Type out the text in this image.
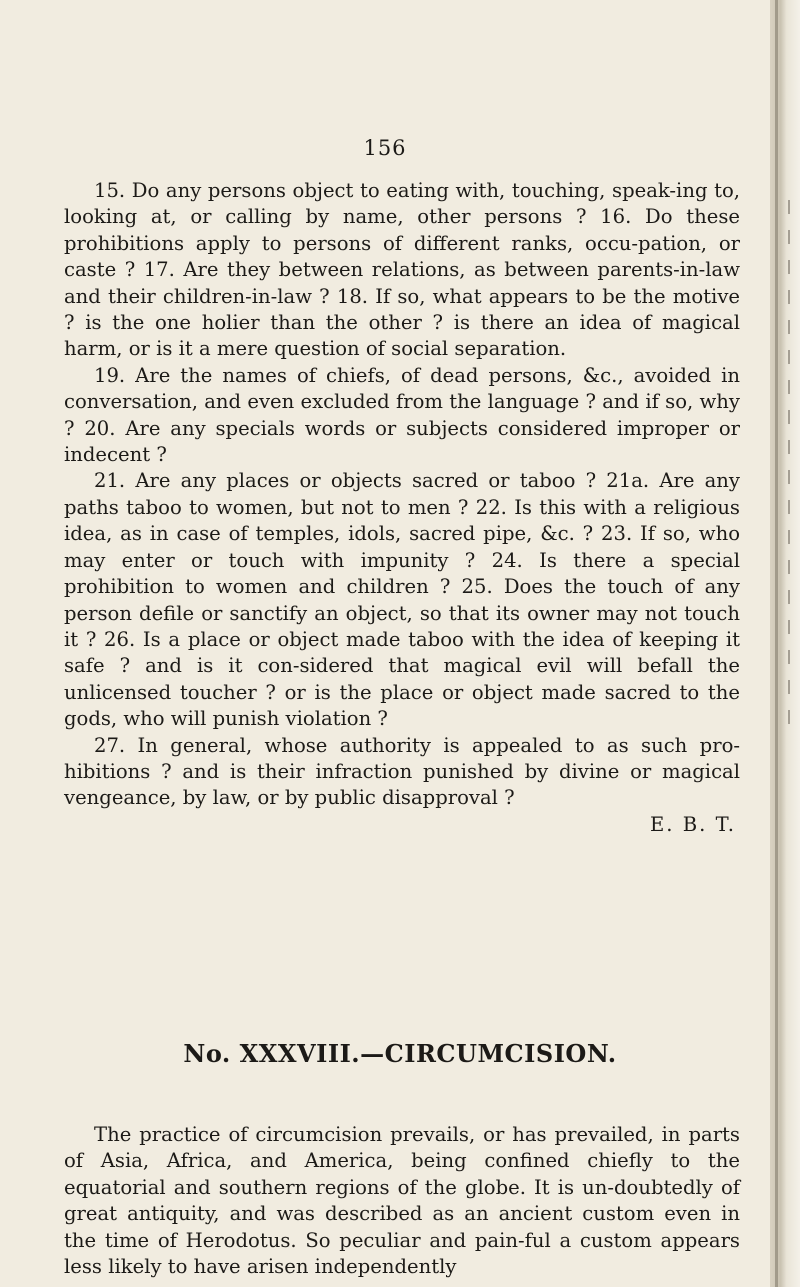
156

15. Do any persons object to eating with, touching, speak-ing to, looking at, or calling by name, other persons ? 16. Do these prohibitions apply to persons of different ranks, occu-pation, or caste ? 17. Are they between relations, as between parents-in-law and their children-in-law ? 18. If so, what appears to be the motive ? is the one holier than the other ? is there an idea of magical harm, or is it a mere question of social separation.

19. Are the names of chiefs, of dead persons, &c., avoided in conversation, and even excluded from the language ? and if so, why ? 20. Are any specials words or subjects considered improper or indecent ?

21. Are any places or objects sacred or taboo ? 21a. Are any paths taboo to women, but not to men ? 22. Is this with a religious idea, as in case of temples, idols, sacred pipe, &c. ? 23. If so, who may enter or touch with impunity ? 24. Is there a special prohibition to women and children ? 25. Does the touch of any person defile or sanctify an object, so that its owner may not touch it ? 26. Is a place or object made taboo with the idea of keeping it safe ? and is it con-sidered that magical evil will befall the unlicensed toucher ? or is the place or object made sacred to the gods, who will punish violation ?

27. In general, whose authority is appealed to as such pro-hibitions ? and is their infraction punished by divine or magical vengeance, by law, or by public disapproval ?

E. B. T.
No. XXXVIII.—CIRCUMCISION.

The practice of circumcision prevails, or has prevailed, in parts of Asia, Africa, and America, being confined chiefly to the equatorial and southern regions of the globe. It is un-doubtedly of great antiquity, and was described as an ancient custom even in the time of Herodotus. So peculiar and pain-ful a custom appears less likely to have arisen independently
